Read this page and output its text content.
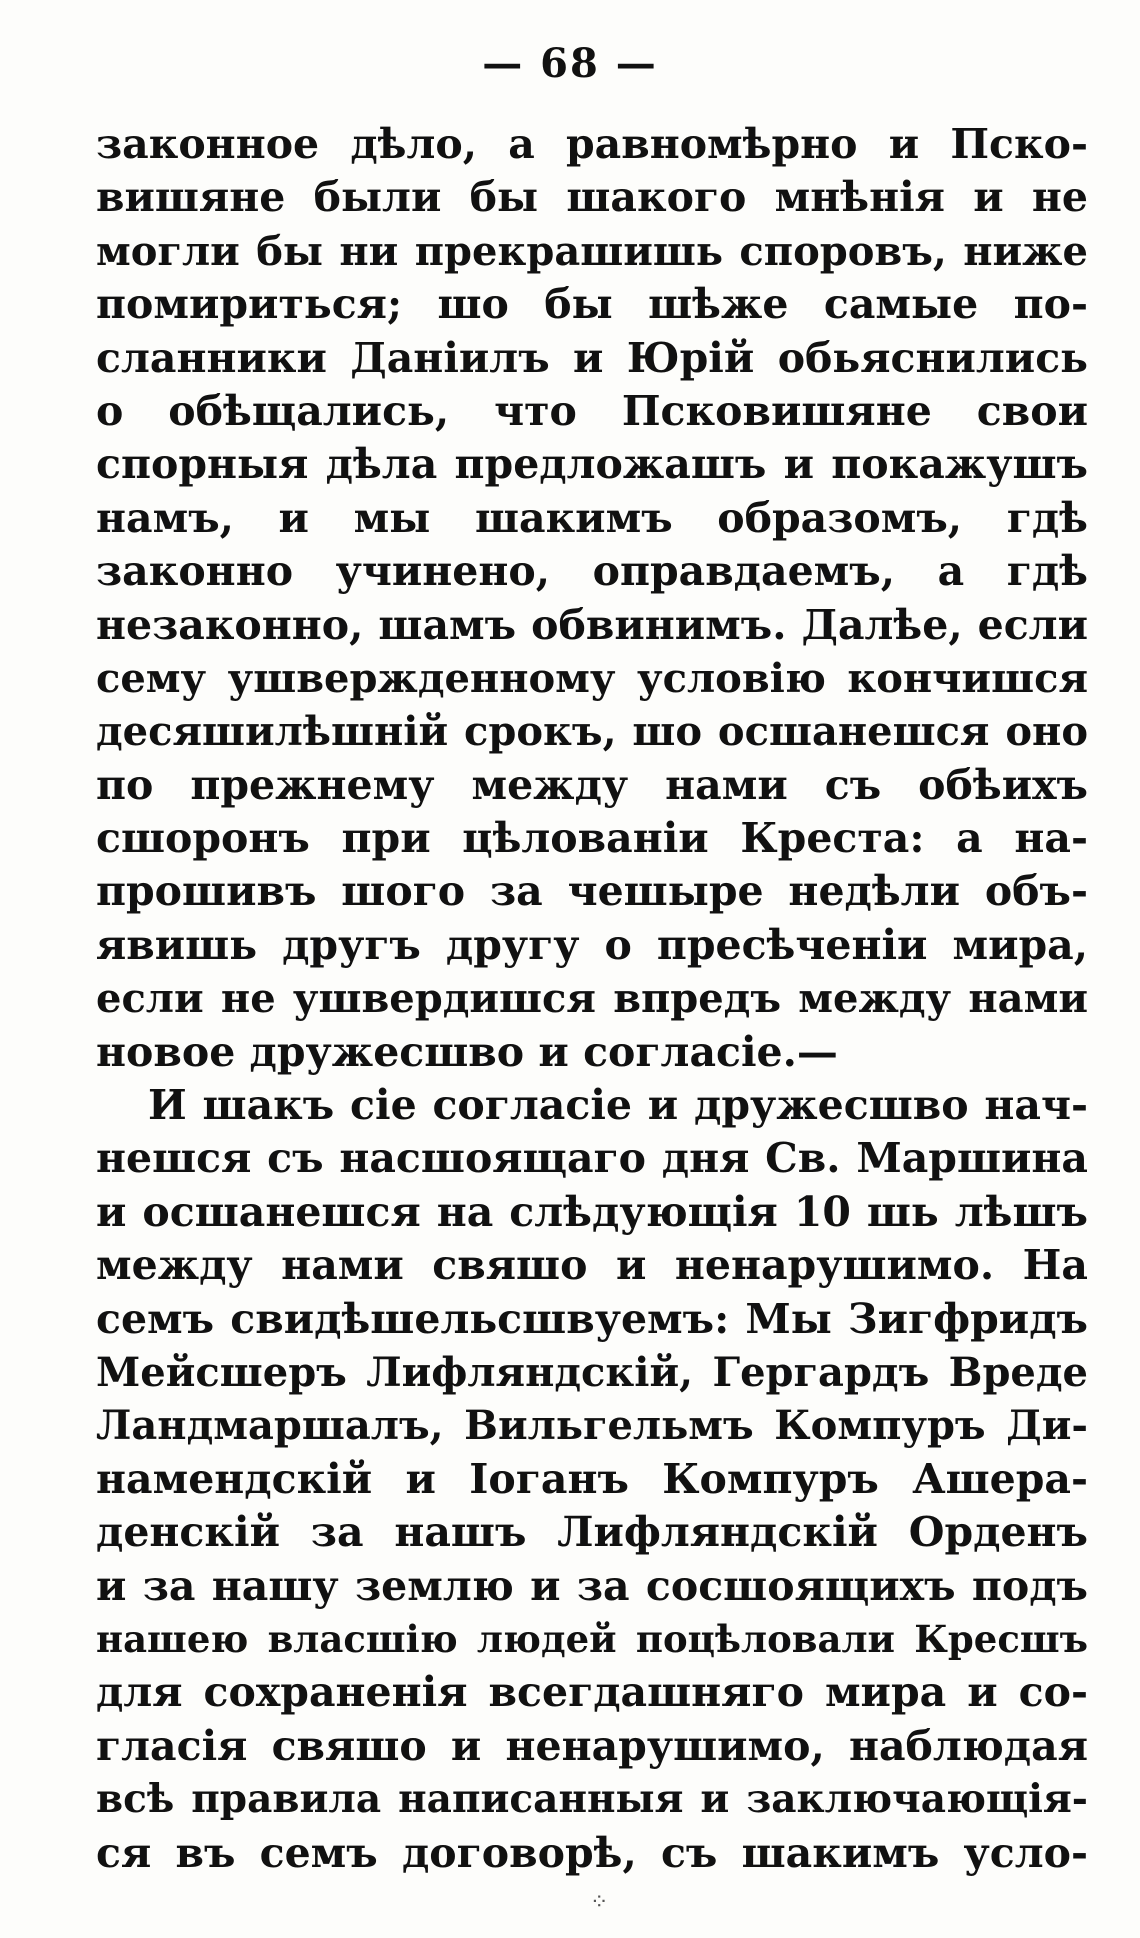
— 68 —
законное дѣло, а равномѣрно и Пско-
вишяне были бы шакого мнѣнія и не
могли бы ни прекрашишь споровъ, ниже
помириться; шо бы шѣже самые по-
сланники Даніилъ и Юрій обьяснились
о обѣщались, что Псковишяне свои
спорныя дѣла предложашъ и покажушъ
намъ, и мы шакимъ образомъ, гдѣ
законно учинено, оправдаемъ, а гдѣ
незаконно, шамъ обвинимъ. Далѣе, если
сему ушвержденному условію кончишся
десяшилѣшній срокъ, шо осшанешся оно
по прежнему между нами съ обѣихъ
сшоронъ при цѣлованіи Креста: а на-
прошивъ шого за чешыре недѣли объ-
явишь другъ другу о пресѣченіи мира,
если не ушвердишся впредъ между нами
новое дружесшво и согласіе.—
И шакъ сіе согласіе и дружесшво нач-
нешся съ насшоящаго дня Св. Маршина
и осшанешся на слѣдующія 10 шь лѣшъ
между нами свяшо и ненарушимо. На
семъ свидѣшельсшвуемъ: Мы Зигфридъ
Мейсшеръ Лифляндскій, Гергардъ Вреде
Ландмаршалъ, Вильгельмъ Компуръ Ди-
намендскій и Іоганъ Компуръ Ашера-
денскій за нашъ Лифляндскій Орденъ
и за нашу землю и за сосшоящихъ подъ
нашею власшію людей поцѣловали Кресшъ
для сохраненія всегдашняго мира и со-
гласія свяшо и ненарушимо, наблюдая
всѣ правила написанныя и заключающія-
ся въ семъ договорѣ, съ шакимъ усло-
⁘
